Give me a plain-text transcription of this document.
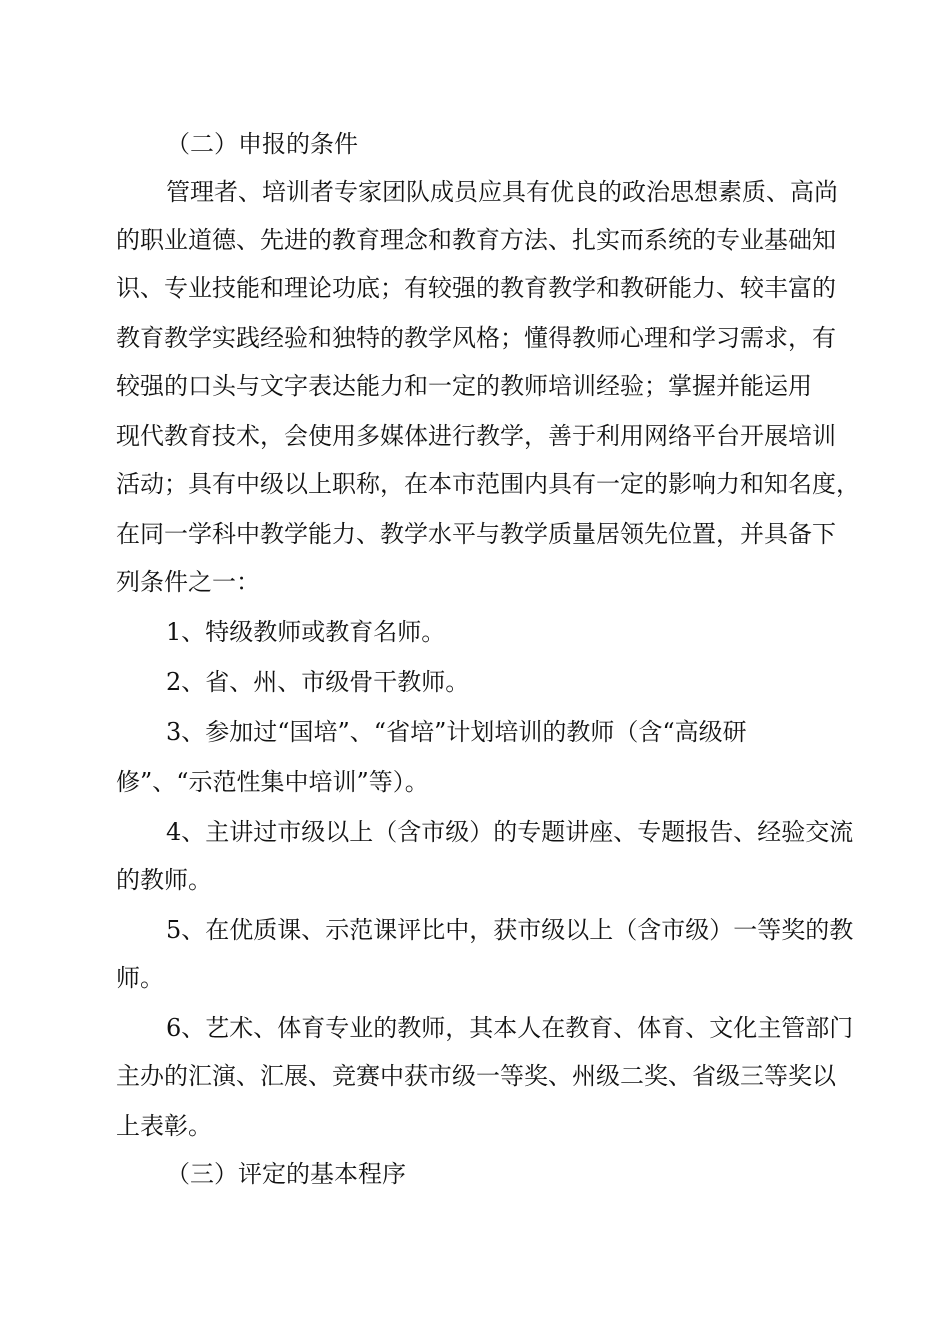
（二）申报的条件
管理者、培训者专家团队成员应具有优良的政治思想素质、高尚
的职业道德、先进的教育理念和教育方法、扎实而系统的专业基础知
识、专业技能和理论功底；有较强的教育教学和教研能力、较丰富的
教育教学实践经验和独特的教学风格；懂得教师心理和学习需求，有
较强的口头与文字表达能力和一定的教师培训经验；掌握并能运用
现代教育技术，会使用多媒体进行教学，善于利用网络平台开展培训
活动；具有中级以上职称，在本市范围内具有一定的影响力和知名度，
在同一学科中教学能力、教学水平与教学质量居领先位置，并具备下
列条件之一：
1、特级教师或教育名师。
2、省、州、市级骨干教师。
3、参加过“国培”、“省培”计划培训的教师（含“高级研
修”、“示范性集中培训”等）。
4、主讲过市级以上（含市级）的专题讲座、专题报告、经验交流
的教师。
5、在优质课、示范课评比中，获市级以上（含市级）一等奖的教
师。
6、艺术、体育专业的教师，其本人在教育、体育、文化主管部门
主办的汇演、汇展、竞赛中获市级一等奖、州级二奖、省级三等奖以
上表彰。
（三）评定的基本程序
